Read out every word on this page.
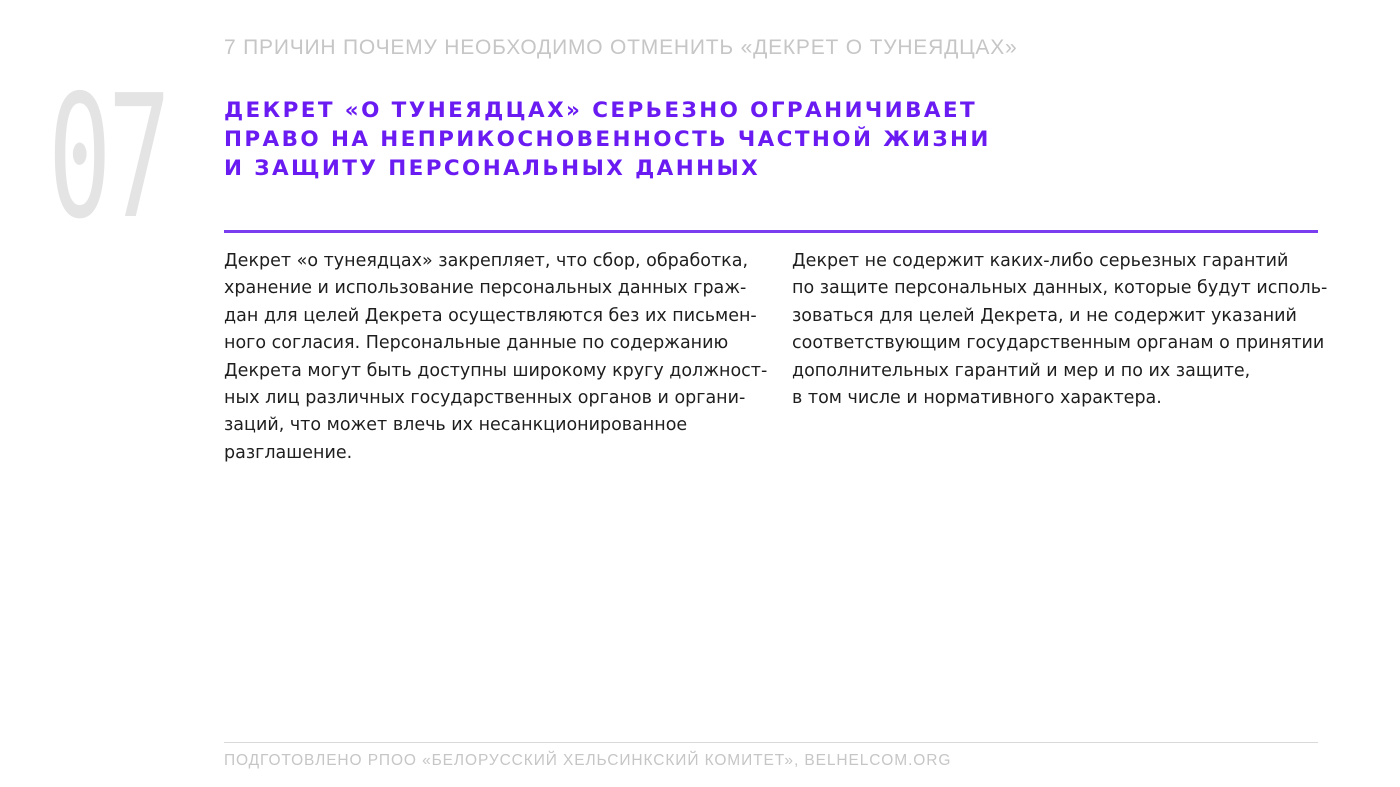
7 ПРИЧИН ПОЧЕМУ НЕОБХОДИМО ОТМЕНИТЬ «ДЕКРЕТ О ТУНЕЯДЦАХ»
07	ДЕКРЕТ «О ТУНЕЯДЦАХ» СЕРЬЕЗНО ОГРАНИЧИВАЕТ
ПРАВО НА НЕПРИКОСНОВЕННОСТЬ ЧАСТНОЙ ЖИЗНИ
И ЗАЩИТУ ПЕРСОНАЛЬНЫХ ДАННЫХ
Декрет «о тунеядцах» закрепляет, что сбор, обработка,
хранение и использование персональных данных граж-
дан для целей Декрета осуществляются без их письмен-
ного согласия. Персональные данные по содержанию
Декрета могут быть доступны широкому кругу должност-
ных лиц различных государственных органов и органи-
заций, что может влечь их несанкционированное
разглашение.
Декрет не содержит каких-либо серьезных гарантий
по защите персональных данных, которые будут исполь-
зоваться для целей Декрета, и не содержит указаний
соответствующим государственным органам о принятии
дополнительных гарантий и мер и по их защите,
в том числе и нормативного характера.
ПОДГОТОВЛЕНО РПОО «БЕЛОРУССКИЙ ХЕЛЬСИНКСКИЙ КОМИТЕТ», BELHELCOM.ORG
